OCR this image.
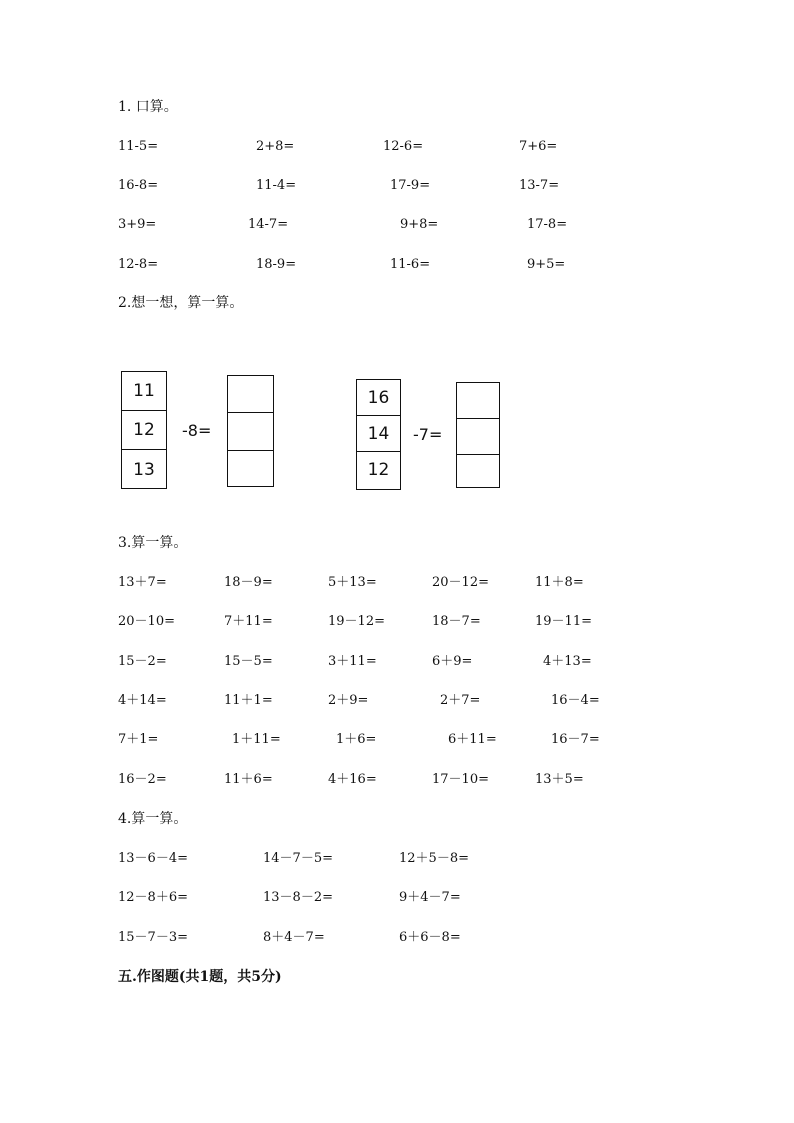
1. 口算。
11-5=	2+8=	12-6=	7+6=
16-8=	11-4=	17-9=	13-7=
3+9=	14-7=	9+8=	17-8=
12-8=	18-9=	11-6=	9+5=
2.想一想，算一算。
11
12
13
-8=
16
14
12
-7=
3.算一算。
13＋7=	18－9=	5＋13=	20－12=	11＋8=
20－10=	7＋11=	19－12=	18－7=	19－11=
15－2=	15－5=	3＋11=	6＋9=	4＋13=
4＋14=	11＋1=	2＋9=	2＋7=	16－4=
7＋1=	1＋11=	1＋6=	6＋11=	16－7=
16－2=	11＋6=	4＋16=	17－10=	13＋5=
4.算一算。
13－6－4=	14－7－5=	12＋5－8=
12－8＋6=	13－8－2=	9＋4－7=
15－7－3=	8＋4－7=	6＋6－8=
五.作图题(共1题，共5分)
